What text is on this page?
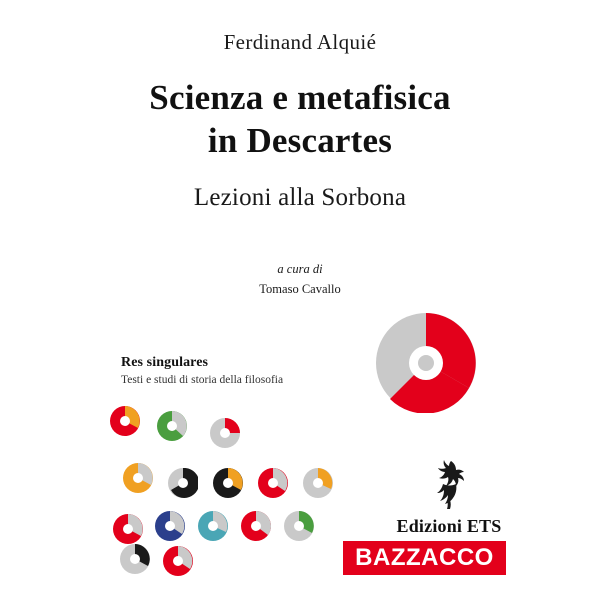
Ferdinand Alquié
Scienza e metafisica
in Descartes
Lezioni alla Sorbona
a cura di
Tomaso Cavallo
Res singulares
Testi e studi di storia della filosofia
Edizioni ETS
BAZZACCO
